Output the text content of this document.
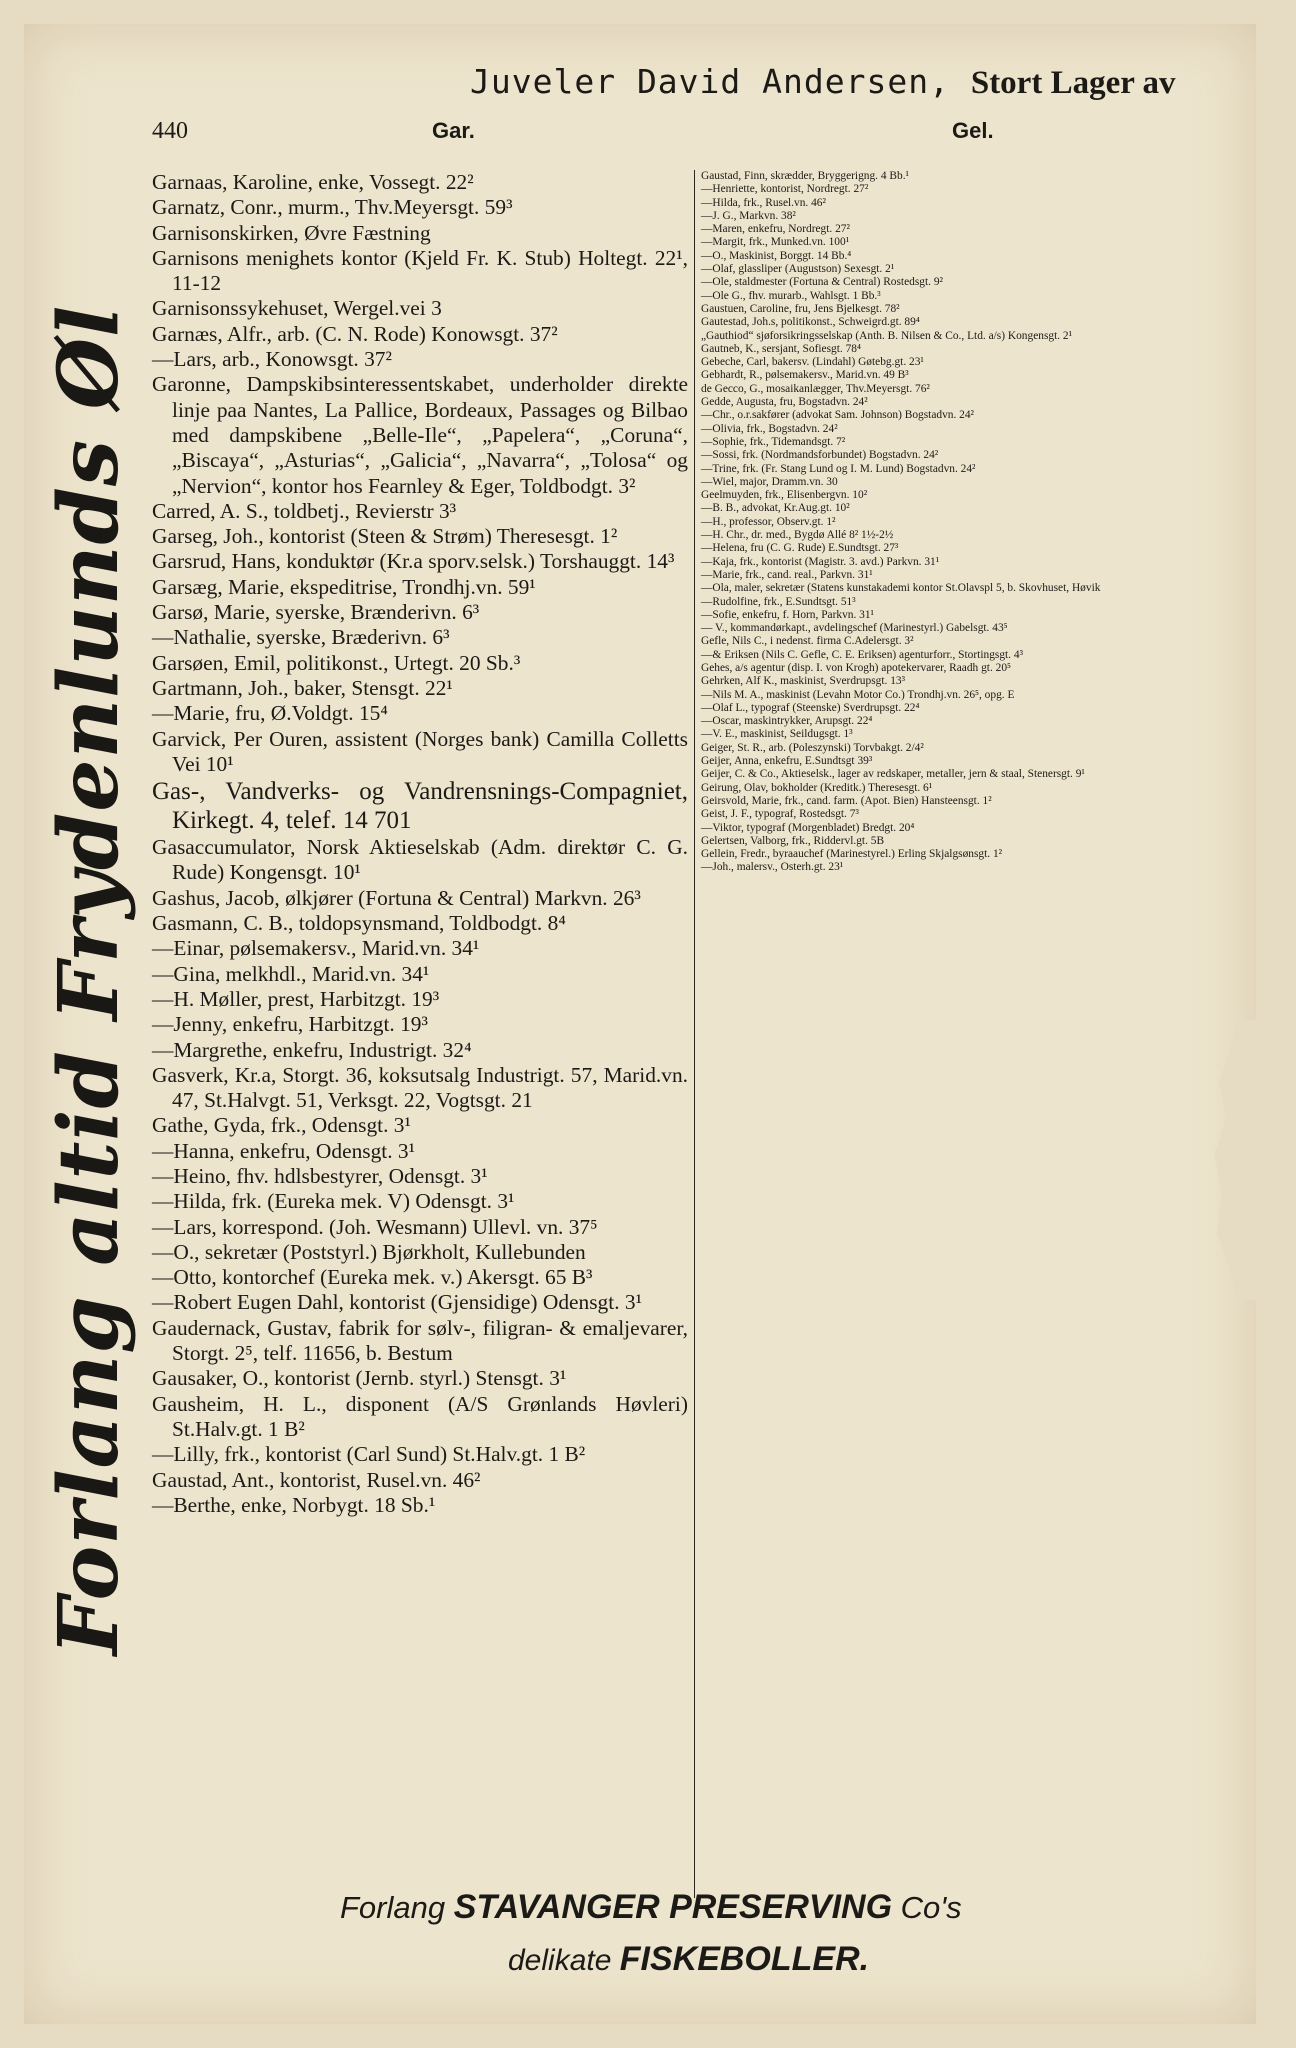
Juveler David Andersen, Stort Lager av
440	Gar.	Gel.
Forlang altid Frydenlunds Øl
Garnaas, Karoline, enke, Vossegt. 22²
Garnatz, Conr., murm., Thv.Meyersgt. 59³
Garnisonskirken, Øvre Fæstning
Garnisons menighets kontor (Kjeld Fr. K. Stub) Holtegt. 22¹, 11-12
Garnisonssykehuset, Wergel.vei 3
Garnæs, Alfr., arb. (C. N. Rode) Konowsgt. 37²
—Lars, arb., Konowsgt. 37²
Garonne, Dampskibsinteressentskabet, underholder direkte linje paa Nantes, La Pallice, Bordeaux, Passages og Bilbao med dampskibene „Belle-Ile“, „Papelera“, „Coruna“, „Biscaya“, „Asturias“, „Galicia“, „Navarra“, „Tolosa“ og „Nervion“, kontor hos Fearnley & Eger, Toldbodgt. 3²
Carred, A. S., toldbetj., Revierstr 3³
Garseg, Joh., kontorist (Steen & Strøm) Theresesgt. 1²
Garsrud, Hans, konduktør (Kr.a sporv.selsk.) Torshauggt. 14³
Garsæg, Marie, ekspeditrise, Trondhj.vn. 59¹
Garsø, Marie, syerske, Brænderivn. 6³
—Nathalie, syerske, Bræderivn. 6³
Garsøen, Emil, politikonst., Urtegt. 20 Sb.³
Gartmann, Joh., baker, Stensgt. 22¹
—Marie, fru, Ø.Voldgt. 15⁴
Garvick, Per Ouren, assistent (Norges bank) Camilla Colletts Vei 10¹
Gas-, Vandverks- og Vandrensnings-Compagniet, Kirkegt. 4, telef. 14 701
Gasaccumulator, Norsk Aktieselskab (Adm. direktør C. G. Rude) Kongensgt. 10¹
Gashus, Jacob, ølkjører (Fortuna & Central) Markvn. 26³
Gasmann, C. B., toldopsynsmand, Toldbodgt. 8⁴
—Einar, pølsemakersv., Marid.vn. 34¹
—Gina, melkhdl., Marid.vn. 34¹
—H. Møller, prest, Harbitzgt. 19³
—Jenny, enkefru, Harbitzgt. 19³
—Margrethe, enkefru, Industrigt. 32⁴
Gasverk, Kr.a, Storgt. 36, koksutsalg Industrigt. 57, Marid.vn. 47, St.Halvgt. 51, Verksgt. 22, Vogtsgt. 21
Gathe, Gyda, frk., Odensgt. 3¹
—Hanna, enkefru, Odensgt. 3¹
—Heino, fhv. hdlsbestyrer, Odensgt. 3¹
—Hilda, frk. (Eureka mek. V) Odensgt. 3¹
—Lars, korrespond. (Joh. Wesmann) Ullevl. vn. 37⁵
—O., sekretær (Poststyrl.) Bjørkholt, Kullebunden
—Otto, kontorchef (Eureka mek. v.) Akersgt. 65 B³
—Robert Eugen Dahl, kontorist (Gjensidige) Odensgt. 3¹
Gaudernack, Gustav, fabrik for sølv-, filigran- & emaljevarer, Storgt. 2⁵, telf. 11656, b. Bestum
Gausaker, O., kontorist (Jernb. styrl.) Stensgt. 3¹
Gausheim, H. L., disponent (A/S Grønlands Høvleri) St.Halv.gt. 1 B²
—Lilly, frk., kontorist (Carl Sund) St.Halv.gt. 1 B²
Gaustad, Ant., kontorist, Rusel.vn. 46²
—Berthe, enke, Norbygt. 18 Sb.¹
Gaustad, Finn, skrædder, Bryggerigng. 4 Bb.¹
—Henriette, kontorist, Nordregt. 27²
—Hilda, frk., Rusel.vn. 46²
—J. G., Markvn. 38²
—Maren, enkefru, Nordregt. 27²
—Margit, frk., Munked.vn. 100¹
—O., Maskinist, Borggt. 14 Bb.⁴
—Olaf, glassliper (Augustson) Sexesgt. 2¹
—Ole, staldmester (Fortuna & Central) Rostedsgt. 9²
—Ole G., fhv. murarb., Wahlsgt. 1 Bb.³
Gaustuen, Caroline, fru, Jens Bjelkesgt. 78²
Gautestad, Joh.s, politikonst., Schweigrd.gt. 89⁴
„Gauthiod“ sjøforsikringsselskap (Anth. B. Nilsen & Co., Ltd. a/s) Kongensgt. 2¹
Gautneb, K., sersjant, Sofiesgt. 78⁴
Gebeche, Carl, bakersv. (Lindahl) Gøtebg.gt. 23¹
Gebhardt, R., pølsemakersv., Marid.vn. 49 B³
de Gecco, G., mosaikanlægger, Thv.Meyersgt. 76²
Gedde, Augusta, fru, Bogstadvn. 24²
—Chr., o.r.sakfører (advokat Sam. Johnson) Bogstadvn. 24²
—Olivia, frk., Bogstadvn. 24²
—Sophie, frk., Tidemandsgt. 7²
—Sossi, frk. (Nordmandsforbundet) Bogstadvn. 24²
—Trine, frk. (Fr. Stang Lund og I. M. Lund) Bogstadvn. 24²
—Wiel, major, Dramm.vn. 30
Geelmuyden, frk., Elisenbergvn. 10²
—B. B., advokat, Kr.Aug.gt. 10²
—H., professor, Observ.gt. 1²
—H. Chr., dr. med., Bygdø Allé 8² 1½-2½
—Helena, fru (C. G. Rude) E.Sundtsgt. 27³
—Kaja, frk., kontorist (Magistr. 3. avd.) Parkvn. 31¹
—Marie, frk., cand. real., Parkvn. 31¹
—Ola, maler, sekretær (Statens kunstakademi kontor St.Olavspl 5, b. Skovhuset, Høvik
—Rudolfine, frk., E.Sundtsgt. 51³
—Sofie, enkefru, f. Horn, Parkvn. 31¹
— V., kommandørkapt., avdelingschef (Marinestyrl.) Gabelsgt. 43⁵
Gefle, Nils C., i nedenst. firma C.Adelersgt. 3²
—& Eriksen (Nils C. Gefle, C. E. Eriksen) agenturforr., Stortingsgt. 4³
Gehes, a/s agentur (disp. I. von Krogh) apotekervarer, Raadh gt. 20⁵
Gehrken, Alf K., maskinist, Sverdrupsgt. 13³
—Nils M. A., maskinist (Levahn Motor Co.) Trondhj.vn. 26⁵, opg. E
—Olaf L., typograf (Steenske) Sverdrupsgt. 22⁴
—Oscar, maskintrykker, Arupsgt. 22⁴
—V. E., maskinist, Seildugsgt. 1³
Geiger, St. R., arb. (Poleszynski) Torvbakgt. 2/4²
Geijer, Anna, enkefru, E.Sundtsgt 39³
Geijer, C. & Co., Aktieselsk., lager av redskaper, metaller, jern & staal, Stenersgt. 9¹
Geirung, Olav, bokholder (Kreditk.) Theresesgt. 6¹
Geirsvold, Marie, frk., cand. farm. (Apot. Bien) Hansteensgt. 1²
Geist, J. F., typograf, Rostedsgt. 7³
—Viktor, typograf (Morgenbladet) Bredgt. 20⁴
Gelertsen, Valborg, frk., Riddervl.gt. 5B
Gellein, Fredr., byraauchef (Marinestyrel.) Erling Skjalgsønsgt. 1²
—Joh., malersv., Osterh.gt. 23¹
Forlang STAVANGER PRESERVING Co's
delikate FISKEBOLLER.
